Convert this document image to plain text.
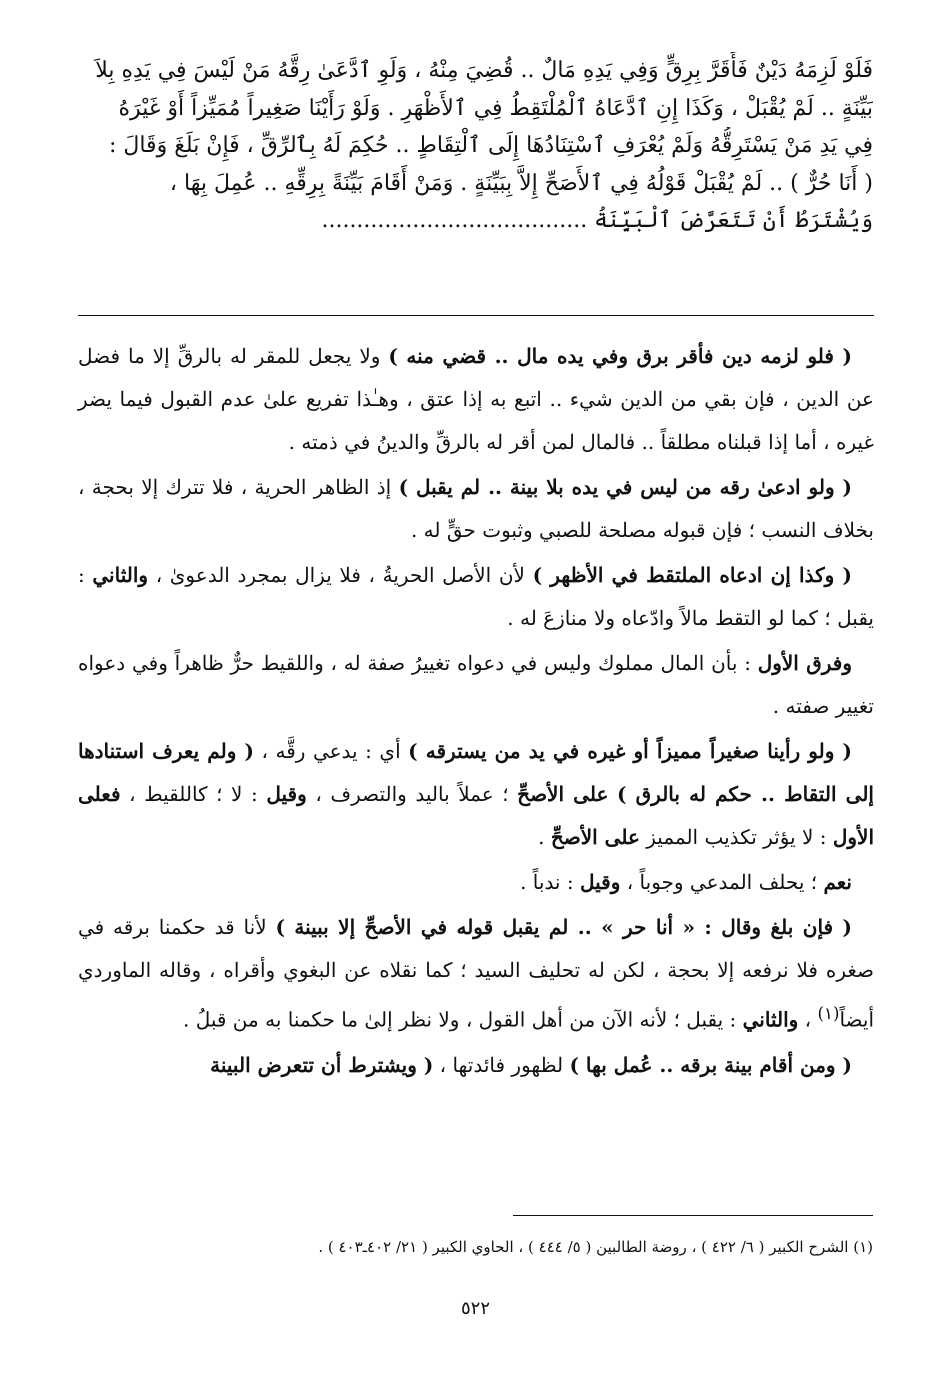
فَلَوْ لَزِمَهُ دَيْنٌ فَأَقَرَّ بِرِقٍّ وَفِي يَدِهِ مَالٌ .. قُضِيَ مِنْهُ ، وَلَوِ ٱدَّعَىٰ رِقَّهُ مَنْ لَيْسَ فِي يَدِهِ بِلاَ
بَيِّنَةٍ .. لَمْ يُقْبَلْ ، وَكَذَا إِنِ ٱدَّعَاهُ ٱلْمُلْتَقِطُ فِي ٱلأَظْهَرِ . وَلَوْ رَأَيْنَا صَغِيراً مُمَيِّزاً أَوْ غَيْرَهُ
فِي يَدِ مَنْ يَسْتَرِقُّهُ وَلَمْ يُعْرَفِ ٱسْتِنَادُهَا إِلَى ٱلْتِقَاطٍ .. حُكِمَ لَهُ بِٱلرِّقِّ ، فَإِنْ بَلَغَ وَقَالَ :
( أَنَا حُرٌّ ) .. لَمْ يُقْبَلْ قَوْلُهُ فِي ٱلأَصَحِّ إِلاَّ بِبَيِّنَةٍ . وَمَنْ أَقَامَ بَيِّنَةً بِرِقِّهِ .. عُمِلَ بِهَا ،
وَيُشْتَرَطُ أَنْ تَتَعَرَّضَ ٱلْبَيِّنَةُ ......................................

( فلو لزمه دين فأقر برق وفي يده مال .. قضي منه ) ولا يجعل للمقر له بالرقِّ إلا ما فضل عن الدين ، فإن بقي من الدين شيء .. اتبع به إذا عتق ، وهـٰذا تفريع علىٰ عدم القبول فيما يضر غيره ، أما إذا قبلناه مطلقاً .. فالمال لمن أقر له بالرقِّ والدينُ في ذمته .

( ولو ادعىٰ رقه من ليس في يده بلا بينة .. لم يقبل ) إذ الظاهر الحرية ، فلا تترك إلا بحجة ، بخلاف النسب ؛ فإن قبوله مصلحة للصبي وثبوت حقٍّ له .

( وكذا إن ادعاه الملتقط في الأظهر ) لأن الأصل الحريةُ ، فلا يزال بمجرد الدعوىٰ ، والثاني : يقبل ؛ كما لو التقط مالاً وادّعاه ولا منازعَ له .

وفرق الأول : بأن المال مملوك وليس في دعواه تغييرُ صفة له ، واللقيط حرٌّ ظاهراً وفي دعواه تغيير صفته .

( ولو رأينا صغيراً مميزاً أو غيره في يد من يسترقه ) أي : يدعي رقَّه ، ( ولم يعرف استنادها إلى التقاط .. حكم له بالرق ) على الأصحِّ ؛ عملاً باليد والتصرف ، وقيل : لا ؛ كاللقيط ، فعلى الأول : لا يؤثر تكذيب المميز على الأصحِّ .

نعم ؛ يحلف المدعي وجوباً ، وقيل : ندباً .

( فإن بلغ وقال : « أنا حر » .. لم يقبل قوله في الأصحِّ إلا ببينة ) لأنا قد حكمنا برقه في صغره فلا نرفعه إلا بحجة ، لكن له تحليف السيد ؛ كما نقلاه عن البغوي وأقراه ، وقاله الماوردي أيضاً$^{(١)}$ ، والثاني : يقبل ؛ لأنه الآن من أهل القول ، ولا نظر إلىٰ ما حكمنا به من قبلُ .

( ومن أقام بينة برقه .. عُمل بها ) لظهور فائدتها ، ( ويشترط أن تتعرض البينة

(١) الشرح الكبير ( ٦/ ٤٢٢ ) ، روضة الطالبين ( ٥/ ٤٤٤ ) ، الحاوي الكبير ( ٢١/ ٤٠٢ـ٤٠٣ ) .
٥٢٢
